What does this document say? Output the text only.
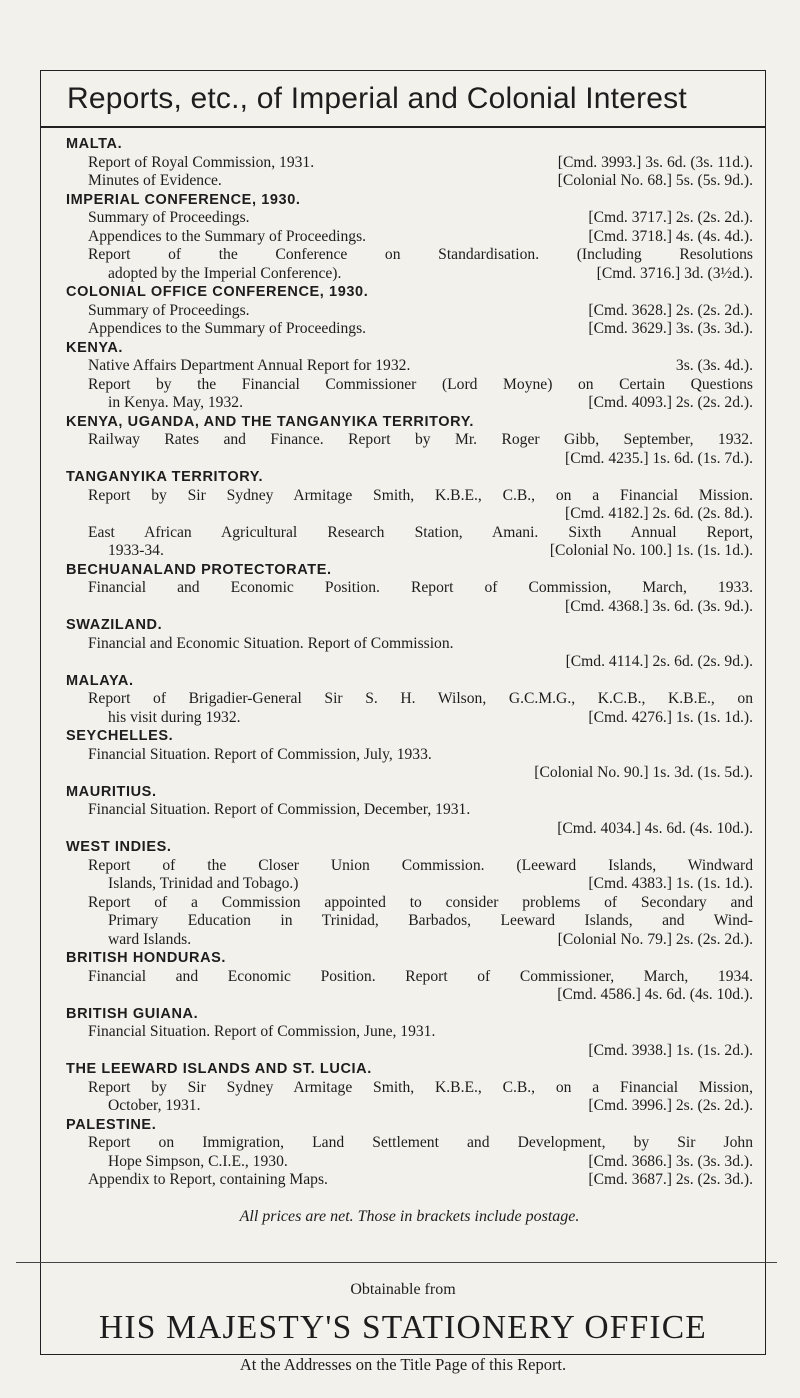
Reports, etc., of Imperial and Colonial Interest
MALTA.
Report of Royal Commission, 1931.	[Cmd. 3993.] 3s. 6d. (3s. 11d.).
Minutes of Evidence.	[Colonial No. 68.] 5s. (5s. 9d.).
IMPERIAL CONFERENCE, 1930.
Summary of Proceedings.	[Cmd. 3717.] 2s. (2s. 2d.).
Appendices to the Summary of Proceedings.	[Cmd. 3718.] 4s. (4s. 4d.).
Report of the Conference on Standardisation. (Including Resolutions
adopted by the Imperial Conference).	[Cmd. 3716.] 3d. (3½d.).
COLONIAL OFFICE CONFERENCE, 1930.
Summary of Proceedings.	[Cmd. 3628.] 2s. (2s. 2d.).
Appendices to the Summary of Proceedings.	[Cmd. 3629.] 3s. (3s. 3d.).
KENYA.
Native Affairs Department Annual Report for 1932.	3s. (3s. 4d.).
Report by the Financial Commissioner (Lord Moyne) on Certain Questions
in Kenya. May, 1932.	[Cmd. 4093.] 2s. (2s. 2d.).
KENYA, UGANDA, AND THE TANGANYIKA TERRITORY.
Railway Rates and Finance. Report by Mr. Roger Gibb, September, 1932.
[Cmd. 4235.] 1s. 6d. (1s. 7d.).
TANGANYIKA TERRITORY.
Report by Sir Sydney Armitage Smith, K.B.E., C.B., on a Financial Mission.
[Cmd. 4182.] 2s. 6d. (2s. 8d.).
East African Agricultural Research Station, Amani. Sixth Annual Report,
1933-34.	[Colonial No. 100.] 1s. (1s. 1d.).
BECHUANALAND PROTECTORATE.
Financial and Economic Position. Report of Commission, March, 1933.
[Cmd. 4368.] 3s. 6d. (3s. 9d.).
SWAZILAND.
Financial and Economic Situation. Report of Commission.
[Cmd. 4114.] 2s. 6d. (2s. 9d.).
MALAYA.
Report of Brigadier-General Sir S. H. Wilson, G.C.M.G., K.C.B., K.B.E., on
his visit during 1932.	[Cmd. 4276.] 1s. (1s. 1d.).
SEYCHELLES.
Financial Situation. Report of Commission, July, 1933.
[Colonial No. 90.] 1s. 3d. (1s. 5d.).
MAURITIUS.
Financial Situation. Report of Commission, December, 1931.
[Cmd. 4034.] 4s. 6d. (4s. 10d.).
WEST INDIES.
Report of the Closer Union Commission. (Leeward Islands, Windward
Islands, Trinidad and Tobago.)	[Cmd. 4383.] 1s. (1s. 1d.).
Report of a Commission appointed to consider problems of Secondary and
Primary Education in Trinidad, Barbados, Leeward Islands, and Wind-
ward Islands.	[Colonial No. 79.] 2s. (2s. 2d.).
BRITISH HONDURAS.
Financial and Economic Position. Report of Commissioner, March, 1934.
[Cmd. 4586.] 4s. 6d. (4s. 10d.).
BRITISH GUIANA.
Financial Situation. Report of Commission, June, 1931.
[Cmd. 3938.] 1s. (1s. 2d.).
THE LEEWARD ISLANDS AND ST. LUCIA.
Report by Sir Sydney Armitage Smith, K.B.E., C.B., on a Financial Mission,
October, 1931.	[Cmd. 3996.] 2s. (2s. 2d.).
PALESTINE.
Report on Immigration, Land Settlement and Development, by Sir John
Hope Simpson, C.I.E., 1930.	[Cmd. 3686.] 3s. (3s. 3d.).
Appendix to Report, containing Maps.	[Cmd. 3687.] 2s. (2s. 3d.).
All prices are net. Those in brackets include postage.
Obtainable from
HIS MAJESTY'S STATIONERY OFFICE
At the Addresses on the Title Page of this Report.
